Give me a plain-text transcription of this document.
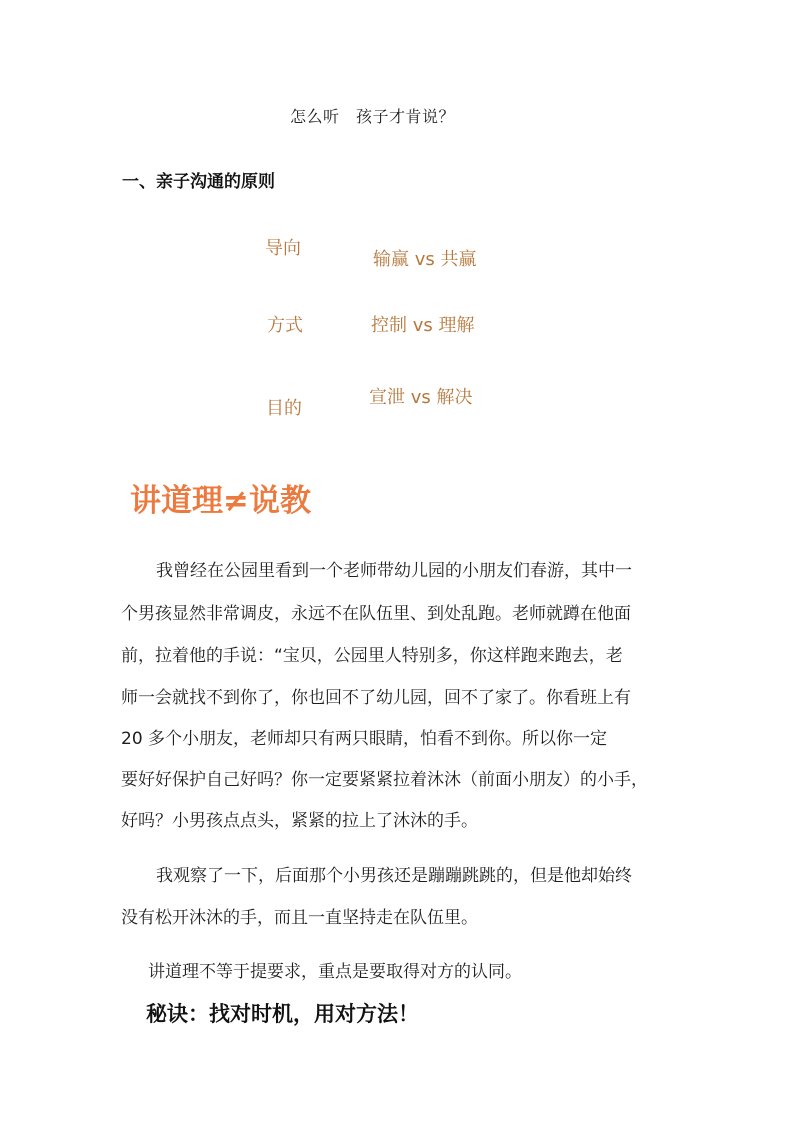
怎么听　孩子才肯说？
一、亲子沟通的原则
导向
输赢 vs 共赢
方式	控制 vs 理解
目的
宣泄 vs 解决
讲道理≠说教
我曾经在公园里看到一个老师带幼儿园的小朋友们春游，其中一
个男孩显然非常调皮，永远不在队伍里、到处乱跑。老师就蹲在他面
前，拉着他的手说：“宝贝，公园里人特别多，你这样跑来跑去，老
师一会就找不到你了，你也回不了幼儿园，回不了家了。你看班上有
20 多个小朋友，老师却只有两只眼睛，怕看不到你。所以你一定
要好好保护自己好吗？你一定要紧紧拉着沐沐（前面小朋友）的小手，
好吗？小男孩点点头，紧紧的拉上了沐沐的手。
我观察了一下，后面那个小男孩还是蹦蹦跳跳的，但是他却始终
没有松开沐沐的手，而且一直坚持走在队伍里。
讲道理不等于提要求，重点是要取得对方的认同。
秘诀：找对时机，用对方法！
